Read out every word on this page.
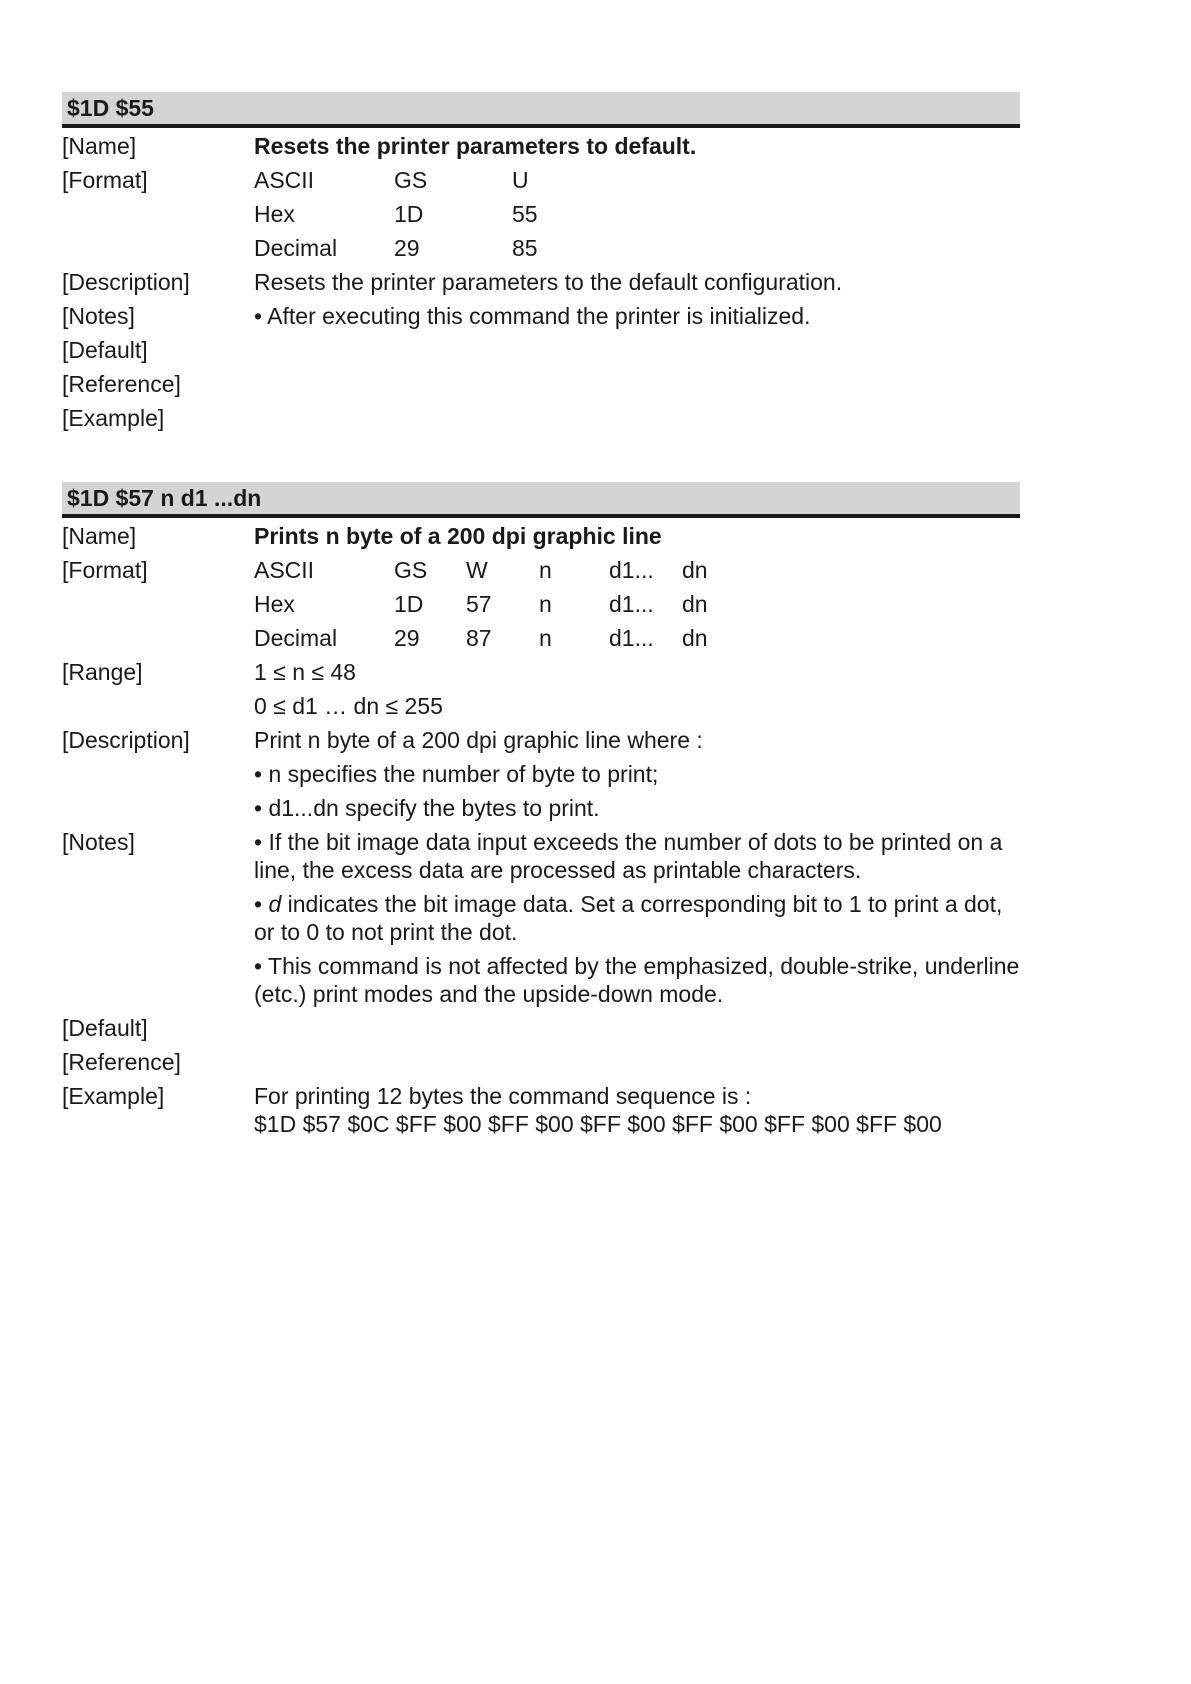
$1D $55
[Name]	Resets the printer parameters to default.
[Format]	ASCII	GS	U
Hex	1D	55
Decimal 29	85
[Description]	Resets the printer parameters to the default configuration.
[Notes]	• After executing this command the printer is initialized.
[Default]
[Reference]
[Example]
$1D $57 n d1 ...dn
[Name]	Prints n byte of a 200 dpi graphic line
[Format]	ASCII	GS W n d1... dn
Hex	1D 57 n d1... dn
Decimal 29 87 n d1... dn
[Range]	1 ≤ n ≤ 48
0 ≤ d1 … dn ≤ 255
[Description]	Print n byte of a 200 dpi graphic line where :
• n specifies the number of byte to print;
• d1...dn specify the bytes to print.
[Notes]	• If the bit image data input exceeds the number of dots to be printed on a line, the excess data are processed as printable characters.
• d indicates the bit image data. Set a corresponding bit to 1 to print a dot, or to 0 to not print the dot.
• This command is not affected by the emphasized, double-strike, underline (etc.) print modes and the upside-down mode.
[Default]
[Reference]
[Example]	For printing 12 bytes the command sequence is :
$1D $57 $0C $FF $00 $FF $00 $FF $00 $FF $00 $FF $00 $FF $00
